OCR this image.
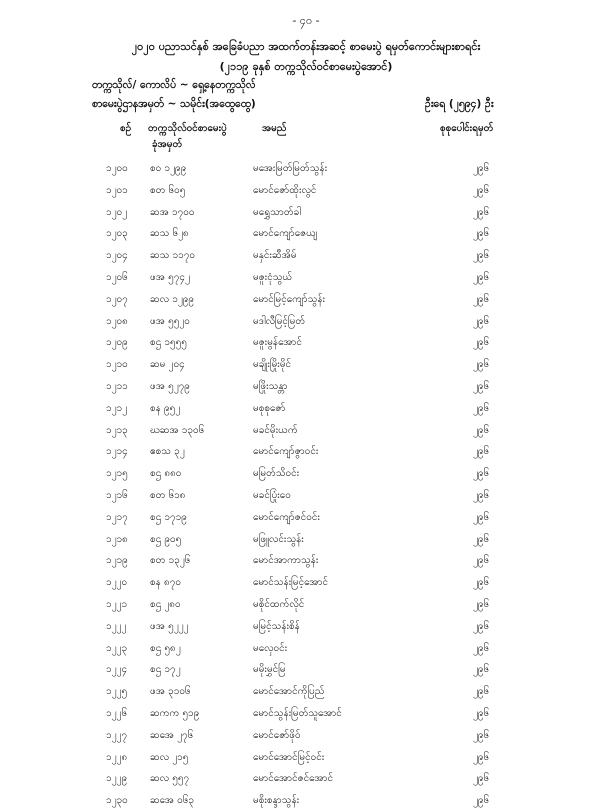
- ၄၀ -
၂၀၂၀ ပညာသင်နှစ် အခြေခံပညာ အထက်တန်းအဆင့် စာမေးပွဲ ရမှတ်ကောင်းများစာရင်း
(၂၁၁၉ ခုနှစ် တက္ကသိုလ်ဝင်စာမေးပွဲအောင်)
တက္ကသိုလ်/ ကောလိပ် ~ ရှေ့နေတက္ကသိုလ်
စာမေးပွဲဌာနအမှတ် ~ သမိုင်း(အထွေထွေ)	ဦးရေ (၂၅၉၄) ဦး
စဉ် တက္ကသိုလ်ဝင်စာမေးပွဲ
ခုံအမှတ်
အမည်	စုစုပေါင်းရမှတ်
၁၂၀၀ စဝ ၁၂၉၉	မအေးမြတ်မြတ်သွန်း	၂၉၆
၁၂၀၁ စတ ၆၀၅	မောင်ဇော်ထိုးလွင်	၂၉၆
၁၂၀၂ ဆအ ၁၇၀၀	မရွှေသာတ်ခါ	၂၉၆
၁၂၀၃ ဆသ ၆၂၈	မောင်ကျော်ဇေယျ	၂၉၆
၁၂၀၄ ဆသ ၁၁၇၀	မနှင်းဆီအိမ်	၂၉၆
၁၂၀၆ ဖအ ၅၇၄၂	မဇူးငုံသွယ်	၂၉၆
၁၂၀၇ ဆလ ၁၂၉၉	မောင်မြင့်ကျော်သွန်း	၂၉၆
၁၂၀၈ ဖအ ၅၅၂၀	မဒါလီမြင့်မြတ်	၂၉၆
၁၂၀၉ စဌ ၁၅၅၅	မဇူးမွန်အောင်	၂၉၆
၁၂၁၀ ဆမ ၂၀၄	မချိုးမြိုးမိုင်	၂၉၆
၁၂၁၁ ဖအ ၅၂၇၉	မဖြိုးသန္တာ	၂၉၆
၁၂၁၂ စန ၉၅၂	မစုစုဇော်	၂၉၆
၁၂၁၃ ဃဆအ ၁၃၀၆	မခင်မိုးယက်	၂၉၆
၁၂၁၄ ဧစသ ၃၂	မောင်ကျော်ဇွာဝင်း	၂၉၆
၁၂၁၅ စဌ ၈၈၀	မမြတ်သိဝင်း	၂၉၆
၁၂၁၆ စတ ၆၁၈	မခင်ပြုံးဝေ	၂၉၆
၁၂၁၇ စဌ ၁၇၁၉	မောင်ကျော်ဇင်ဝင်း	၂၉၆
၁၂၁၈ စဌ ၉၀၅	မဖြူလင်းသွန်း	၂၉၆
၁၂၁၉ စတ ၁၃၂၆	မောင်အာကာသွန်း	၂၉၆
၁၂၂၀ စန ၈၇၀	မောင်သန်းမြင့်အောင်	၂၉၆
၁၂၂၁ စဌ ၂၈၀	မစိုင်ထက်လိုင်	၂၉၆
၁၂၂၂ ဖအ ၅၂၂၂	မမြင့်သန်းစိန်	၂၉၆
၁၂၂၃ စဌ ၅၈၂	မလှေဝင်း	၂၉၆
၁၂၂၄ စဌ ၁၇၂	မမိုးမွှင်မြ	၂၉၆
၁၂၂၅ ဖအ ၃၁၀၆	မောင်အောင်ကိုပြည်	၂၉၆
၁၂၂၆ ဆကက ၅၁၉	မောင်သွန်းမြတ်သူအောင်	၂၉၆
၁၂၂၇ ဆအေ ၂၇၆	မောင်ဇော်ဖိုဝ်	၂၉၆
၁၂၂၈ ဆလ ၂၁၅	မောင်အောင်မြင့်ဝင်း	၂၉၆
၁၂၂၉ ဆလ ၅၅၇	မောင်အောင်ဇင်အောင်	၂၉၆
၁၂၃၀ ဆအေ ၀၆၃	မစိုးစန္ဒာသွန်း	၂၉၆
